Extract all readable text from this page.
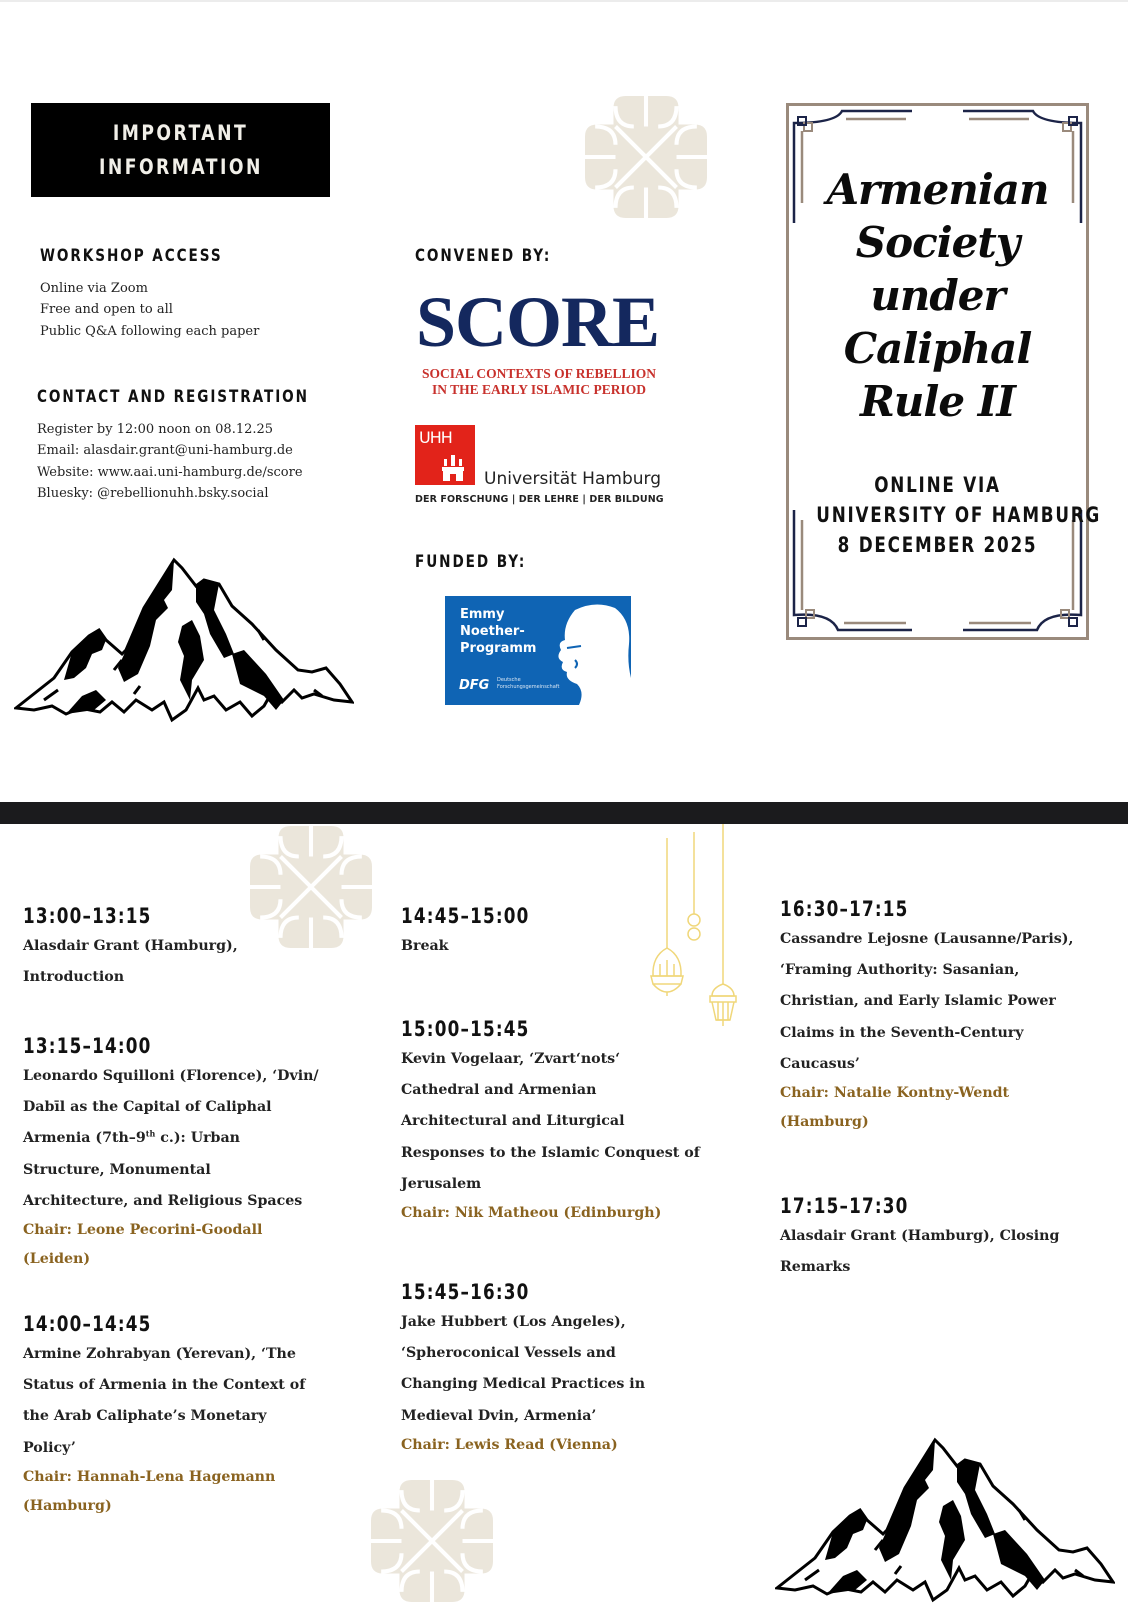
IMPORTANT
INFORMATION
WORKSHOP ACCESS
Online via Zoom
Free and open to all
Public Q&A following each paper
CONTACT AND REGISTRATION
Register by 12:00 noon on 08.12.25
Email: alasdair.grant@uni-hamburg.de
Website: www.aai.uni-hamburg.de/score
Bluesky: @rebellionuhh.bsky.social
CONVENED BY:
SCORE
SOCIAL CONTEXTS OF REBELLION
IN THE EARLY ISLAMIC PERIOD
UHH
Universität Hamburg
DER FORSCHUNG | DER LEHRE | DER BILDUNG
FUNDED BY:
Emmy
Noether-
Programm
DFG Deutsche
Forschungsgemeinschaft
Armenian
Society
under
Caliphal
Rule II
ONLINE VIA
UNIVERSITY OF HAMBURG
8 DECEMBER 2025
13:00–13:15
Alasdair Grant (Hamburg),
Introduction
13:15–14:00
Leonardo Squilloni (Florence), ‘Dvin/
Dabīl as the Capital of Caliphal
Armenia (7th–9th c.): Urban
Structure, Monumental
Architecture, and Religious Spaces
Chair: Leone Pecorini-Goodall
(Leiden)
14:00–14:45
Armine Zohrabyan (Yerevan), ‘The
Status of Armenia in the Context of
the Arab Caliphate’s Monetary
Policy’
Chair: Hannah-Lena Hagemann
(Hamburg)
14:45–15:00
Break
15:00–15:45
Kevin Vogelaar, ‘Zvart‘nots‘
Cathedral and Armenian
Architectural and Liturgical
Responses to the Islamic Conquest of
Jerusalem
Chair: Nik Matheou (Edinburgh)
15:45–16:30
Jake Hubbert (Los Angeles),
‘Spheroconical Vessels and
Changing Medical Practices in
Medieval Dvin, Armenia’
Chair: Lewis Read (Vienna)
16:30–17:15
Cassandre Lejosne (Lausanne/Paris),
‘Framing Authority: Sasanian,
Christian, and Early Islamic Power
Claims in the Seventh-Century
Caucasus’
Chair: Natalie Kontny-Wendt
(Hamburg)
17:15–17:30
Alasdair Grant (Hamburg), Closing
Remarks
